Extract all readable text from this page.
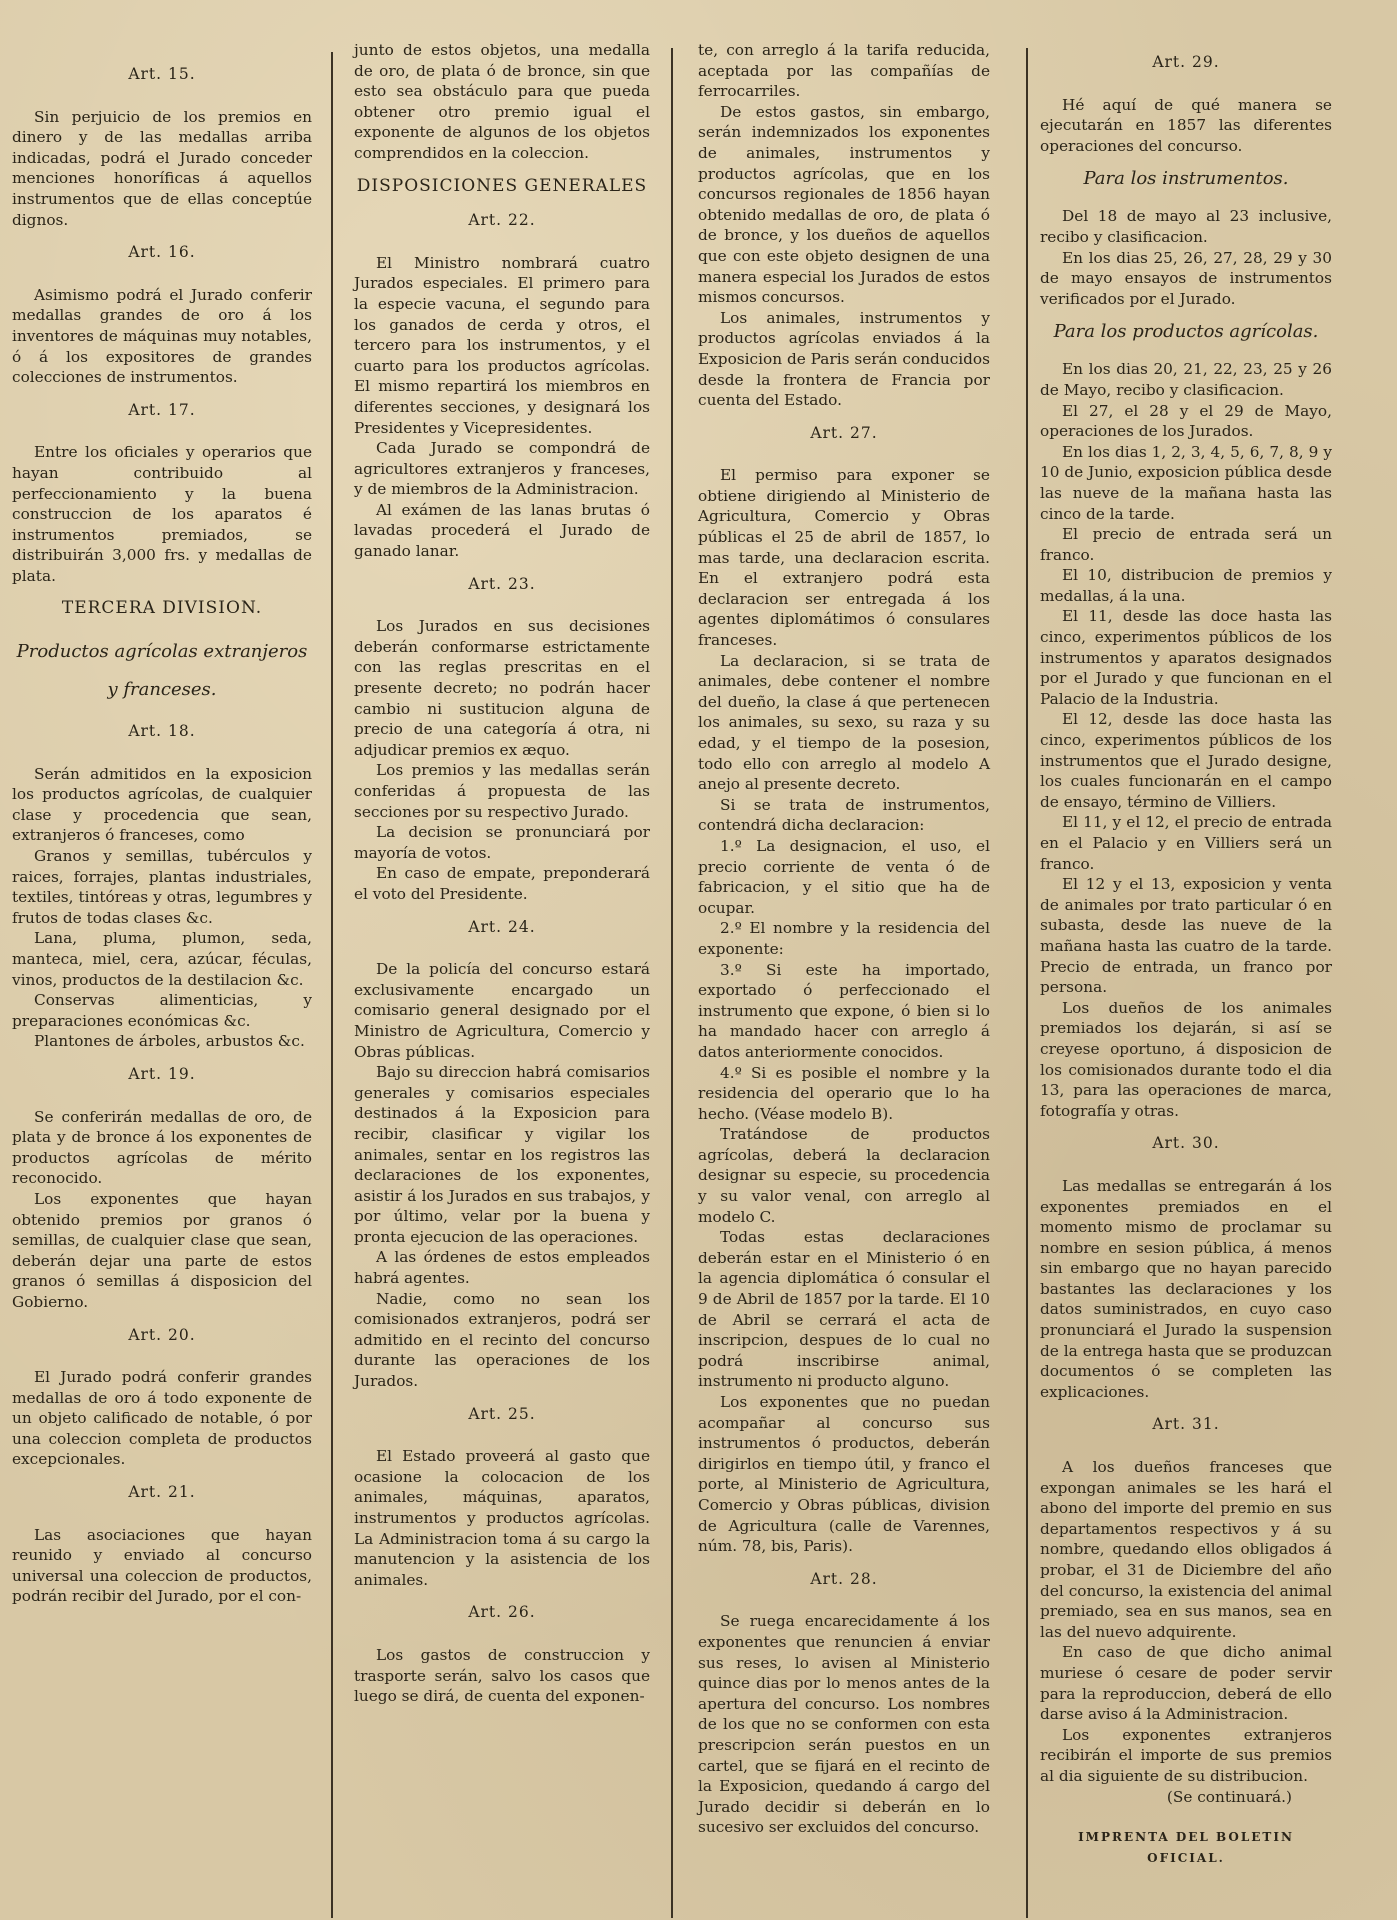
Art. 15.

Sin perjuicio de los premios en dinero y de las medallas arriba indicadas, podrá el Jurado conceder menciones honoríficas á aquellos instrumentos que de ellas conceptúe dignos.

Art. 16.

Asimismo podrá el Jurado conferir medallas grandes de oro á los inventores de máquinas muy notables, ó á los expositores de grandes colecciones de instrumentos.

Art. 17.

Entre los oficiales y operarios que hayan contribuido al perfeccionamiento y la buena construccion de los aparatos é instrumentos premiados, se distribuirán 3,000 frs. y medallas de plata.

TERCERA DIVISION.
Productos agrícolas extranjeros y franceses.
Art. 18.

Serán admitidos en la exposicion los productos agrícolas, de cualquier clase y procedencia que sean, extranjeros ó franceses, como

Granos y semillas, tubérculos y raices, forrajes, plantas industriales, textiles, tintóreas y otras, legumbres y frutos de todas clases &c.

Lana, pluma, plumon, seda, manteca, miel, cera, azúcar, féculas, vinos, productos de la destilacion &c.

Conservas alimenticias, y preparaciones económicas &c.

Plantones de árboles, arbustos &c.

Art. 19.

Se conferirán medallas de oro, de plata y de bronce á los exponentes de productos agrícolas de mérito reconocido.

Los exponentes que hayan obtenido premios por granos ó semillas, de cualquier clase que sean, deberán dejar una parte de estos granos ó semillas á disposicion del Gobierno.

Art. 20.

El Jurado podrá conferir grandes medallas de oro á todo exponente de un objeto calificado de notable, ó por una coleccion completa de productos excepcionales.

Art. 21.

Las asociaciones que hayan reunido y enviado al concurso universal una coleccion de productos, podrán recibir del Jurado, por el con-

junto de estos objetos, una medalla de oro, de plata ó de bronce, sin que esto sea obstáculo para que pueda obtener otro premio igual el exponente de algunos de los objetos comprendidos en la coleccion.

DISPOSICIONES GENERALES
Art. 22.

El Ministro nombrará cuatro Jurados especiales. El primero para la especie vacuna, el segundo para los ganados de cerda y otros, el tercero para los instrumentos, y el cuarto para los productos agrícolas. El mismo repartirá los miembros en diferentes secciones, y designará los Presidentes y Vicepresidentes.

Cada Jurado se compondrá de agricultores extranjeros y franceses, y de miembros de la Administracion.

Al exámen de las lanas brutas ó lavadas procederá el Jurado de ganado lanar.

Art. 23.

Los Jurados en sus decisiones deberán conformarse estrictamente con las reglas prescritas en el presente decreto; no podrán hacer cambio ni sustitucion alguna de precio de una categoría á otra, ni adjudicar premios ex æquo.

Los premios y las medallas serán conferidas á propuesta de las secciones por su respectivo Jurado.

La decision se pronunciará por mayoría de votos.

En caso de empate, preponderará el voto del Presidente.

Art. 24.

De la policía del concurso estará exclusivamente encargado un comisario general designado por el Ministro de Agricultura, Comercio y Obras públicas.

Bajo su direccion habrá comisarios generales y comisarios especiales destinados á la Exposicion para recibir, clasificar y vigilar los animales, sentar en los registros las declaraciones de los exponentes, asistir á los Jurados en sus trabajos, y por último, velar por la buena y pronta ejecucion de las operaciones.

A las órdenes de estos empleados habrá agentes.

Nadie, como no sean los comisionados extranjeros, podrá ser admitido en el recinto del concurso durante las operaciones de los Jurados.

Art. 25.

El Estado proveerá al gasto que ocasione la colocacion de los animales, máquinas, aparatos, instrumentos y productos agrícolas. La Administracion toma á su cargo la manutencion y la asistencia de los animales.

Art. 26.

Los gastos de construccion y trasporte serán, salvo los casos que luego se dirá, de cuenta del exponen-

te, con arreglo á la tarifa reducida, aceptada por las compañías de ferrocarriles.

De estos gastos, sin embargo, serán indemnizados los exponentes de animales, instrumentos y productos agrícolas, que en los concursos regionales de 1856 hayan obtenido medallas de oro, de plata ó de bronce, y los dueños de aquellos que con este objeto designen de una manera especial los Jurados de estos mismos concursos.

Los animales, instrumentos y productos agrícolas enviados á la Exposicion de Paris serán conducidos desde la frontera de Francia por cuenta del Estado.

Art. 27.

El permiso para exponer se obtiene dirigiendo al Ministerio de Agricultura, Comercio y Obras públicas el 25 de abril de 1857, lo mas tarde, una declaracion escrita. En el extranjero podrá esta declaracion ser entregada á los agentes diplomátimos ó consulares franceses.

La declaracion, si se trata de animales, debe contener el nombre del dueño, la clase á que pertenecen los animales, su sexo, su raza y su edad, y el tiempo de la posesion, todo ello con arreglo al modelo A anejo al presente decreto.

Si se trata de instrumentos, contendrá dicha declaracion:

1.º La designacion, el uso, el precio corriente de venta ó de fabricacion, y el sitio que ha de ocupar.

2.º El nombre y la residencia del exponente:

3.º Si este ha importado, exportado ó perfeccionado el instrumento que expone, ó bien si lo ha mandado hacer con arreglo á datos anteriormente conocidos.

4.º Si es posible el nombre y la residencia del operario que lo ha hecho. (Véase modelo B).

Tratándose de productos agrícolas, deberá la declaracion designar su especie, su procedencia y su valor venal, con arreglo al modelo C.

Todas estas declaraciones deberán estar en el Ministerio ó en la agencia diplomática ó consular el 9 de Abril de 1857 por la tarde. El 10 de Abril se cerrará el acta de inscripcion, despues de lo cual no podrá inscribirse animal, instrumento ni producto alguno.

Los exponentes que no puedan acompañar al concurso sus instrumentos ó productos, deberán dirigirlos en tiempo útil, y franco el porte, al Ministerio de Agricultura, Comercio y Obras públicas, division de Agricultura (calle de Varennes, núm. 78, bis, Paris).

Art. 28.

Se ruega encarecidamente á los exponentes que renuncien á enviar sus reses, lo avisen al Ministerio quince dias por lo menos antes de la apertura del concurso. Los nombres de los que no se conformen con esta prescripcion serán puestos en un cartel, que se fijará en el recinto de la Exposicion, quedando á cargo del Jurado decidir si deberán en lo sucesivo ser excluidos del concurso.

Art. 29.

Hé aquí de qué manera se ejecutarán en 1857 las diferentes operaciones del concurso.

Para los instrumentos.

Del 18 de mayo al 23 inclusive, recibo y clasificacion.

En los dias 25, 26, 27, 28, 29 y 30 de mayo ensayos de instrumentos verificados por el Jurado.

Para los productos agrícolas.

En los dias 20, 21, 22, 23, 25 y 26 de Mayo, recibo y clasificacion.

El 27, el 28 y el 29 de Mayo, operaciones de los Jurados.

En los dias 1, 2, 3, 4, 5, 6, 7, 8, 9 y 10 de Junio, exposicion pública desde las nueve de la mañana hasta las cinco de la tarde.

El precio de entrada será un franco.

El 10, distribucion de premios y medallas, á la una.

El 11, desde las doce hasta las cinco, experimentos públicos de los instrumentos y aparatos designados por el Jurado y que funcionan en el Palacio de la Industria.

El 12, desde las doce hasta las cinco, experimentos públicos de los instrumentos que el Jurado designe, los cuales funcionarán en el campo de ensayo, término de Villiers.

El 11, y el 12, el precio de entrada en el Palacio y en Villiers será un franco.

El 12 y el 13, exposicion y venta de animales por trato particular ó en subasta, desde las nueve de la mañana hasta las cuatro de la tarde. Precio de entrada, un franco por persona.

Los dueños de los animales premiados los dejarán, si así se creyese oportuno, á disposicion de los comisionados durante todo el dia 13, para las operaciones de marca, fotografía y otras.

Art. 30.

Las medallas se entregarán á los exponentes premiados en el momento mismo de proclamar su nombre en sesion pública, á menos sin embargo que no hayan parecido bastantes las declaraciones y los datos suministrados, en cuyo caso pronunciará el Jurado la suspension de la entrega hasta que se produzcan documentos ó se completen las explicaciones.

Art. 31.

A los dueños franceses que expongan animales se les hará el abono del importe del premio en sus departamentos respectivos y á su nombre, quedando ellos obligados á probar, el 31 de Diciembre del año del concurso, la existencia del animal premiado, sea en sus manos, sea en las del nuevo adquirente.

En caso de que dicho animal muriese ó cesare de poder servir para la reproduccion, deberá de ello darse aviso á la Administracion.

Los exponentes extranjeros recibirán el importe de sus premios al dia siguiente de su distribucion.

(Se continuará.)
IMPRENTA DEL BOLETIN OFICIAL.
